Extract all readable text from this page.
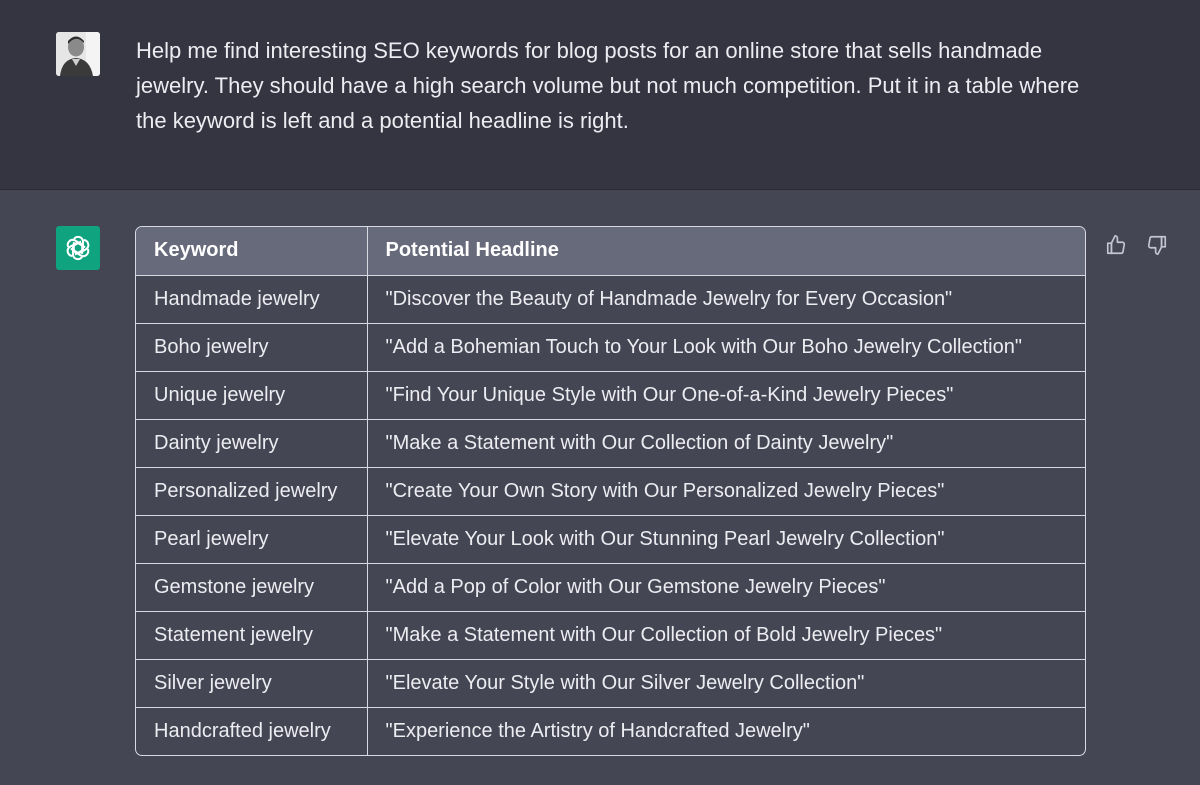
Help me find interesting SEO keywords for blog posts for an online store that sells handmade jewelry. They should have a high search volume but not much competition. Put it in a table where the keyword is left and a potential headline is right.

Keyword	Potential Headline
Handmade jewelry	"Discover the Beauty of Handmade Jewelry for Every Occasion"
Boho jewelry	"Add a Bohemian Touch to Your Look with Our Boho Jewelry Collection"
Unique jewelry	"Find Your Unique Style with Our One-of-a-Kind Jewelry Pieces"
Dainty jewelry	"Make a Statement with Our Collection of Dainty Jewelry"
Personalized jewelry	"Create Your Own Story with Our Personalized Jewelry Pieces"
Pearl jewelry	"Elevate Your Look with Our Stunning Pearl Jewelry Collection"
Gemstone jewelry	"Add a Pop of Color with Our Gemstone Jewelry Pieces"
Statement jewelry	"Make a Statement with Our Collection of Bold Jewelry Pieces"
Silver jewelry	"Elevate Your Style with Our Silver Jewelry Collection"
Handcrafted jewelry	"Experience the Artistry of Handcrafted Jewelry"
